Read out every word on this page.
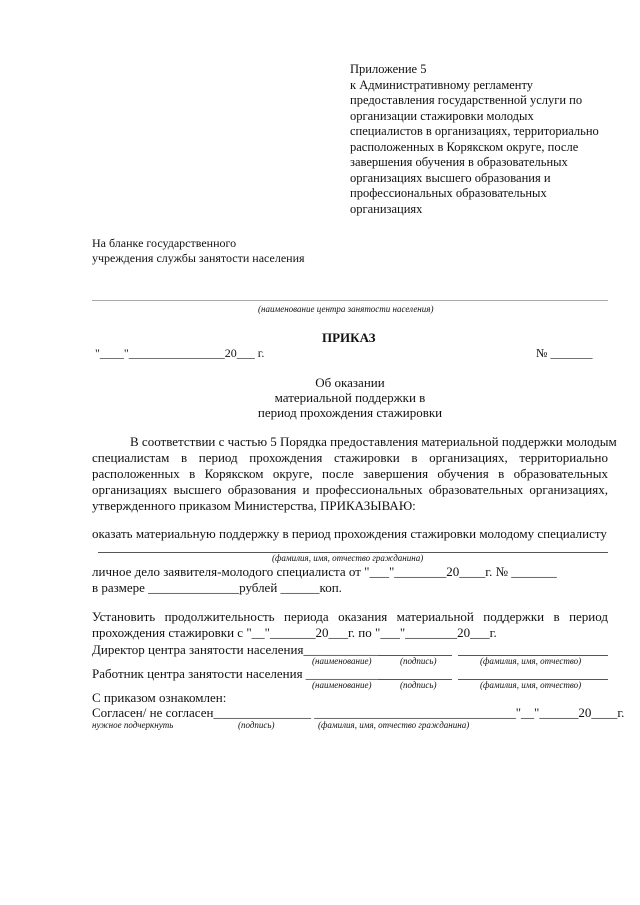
Приложение 5
к Административному регламенту
предоставления государственной услуги по
организации стажировки молодых
специалистов в организациях, территориально
расположенных в Корякском округе, после
завершения обучения в образовательных
организациях высшего образования и
профессиональных образовательных
организациях
На бланке государственного
учреждения службы занятости населения
(наименование центра занятости населения)
ПРИКАЗ
"____"________________20___ г.	№ _______
Об оказании
материальной поддержки в
период прохождения стажировки
В соответствии с частью 5 Порядка предоставления материальной поддержки молодым
специалистам в период прохождения стажировки в организациях, территориально
расположенных в Корякском округе, после завершения обучения в образовательных
организациях высшего образования и профессиональных образовательных организациях,
утвержденного приказом Министерства, ПРИКАЗЫВАЮ:
оказать материальную поддержку в период прохождения стажировки молодому специалисту
(фамилия, имя, отчество гражданина)
личное дело заявителя-молодого специалиста от "___"________20____г. № _______
в размере ______________рублей ______коп.
Установить продолжительность периода оказания материальной поддержки в период
прохождения стажировки с "__"_______20___г. по "___"________20___г.
Директор центра занятости населения____________
(наименование)	(подпись)	(фамилия, имя, отчество)
Работник центра занятости населения ____________
(наименование)	(подпись)	(фамилия, имя, отчество)
С приказом ознакомлен:
Согласен/ не согласен_______________ _______________________________"__"______20____г.
нужное подчеркнуть	(подпись)	(фамилия, имя, отчество гражданина)
